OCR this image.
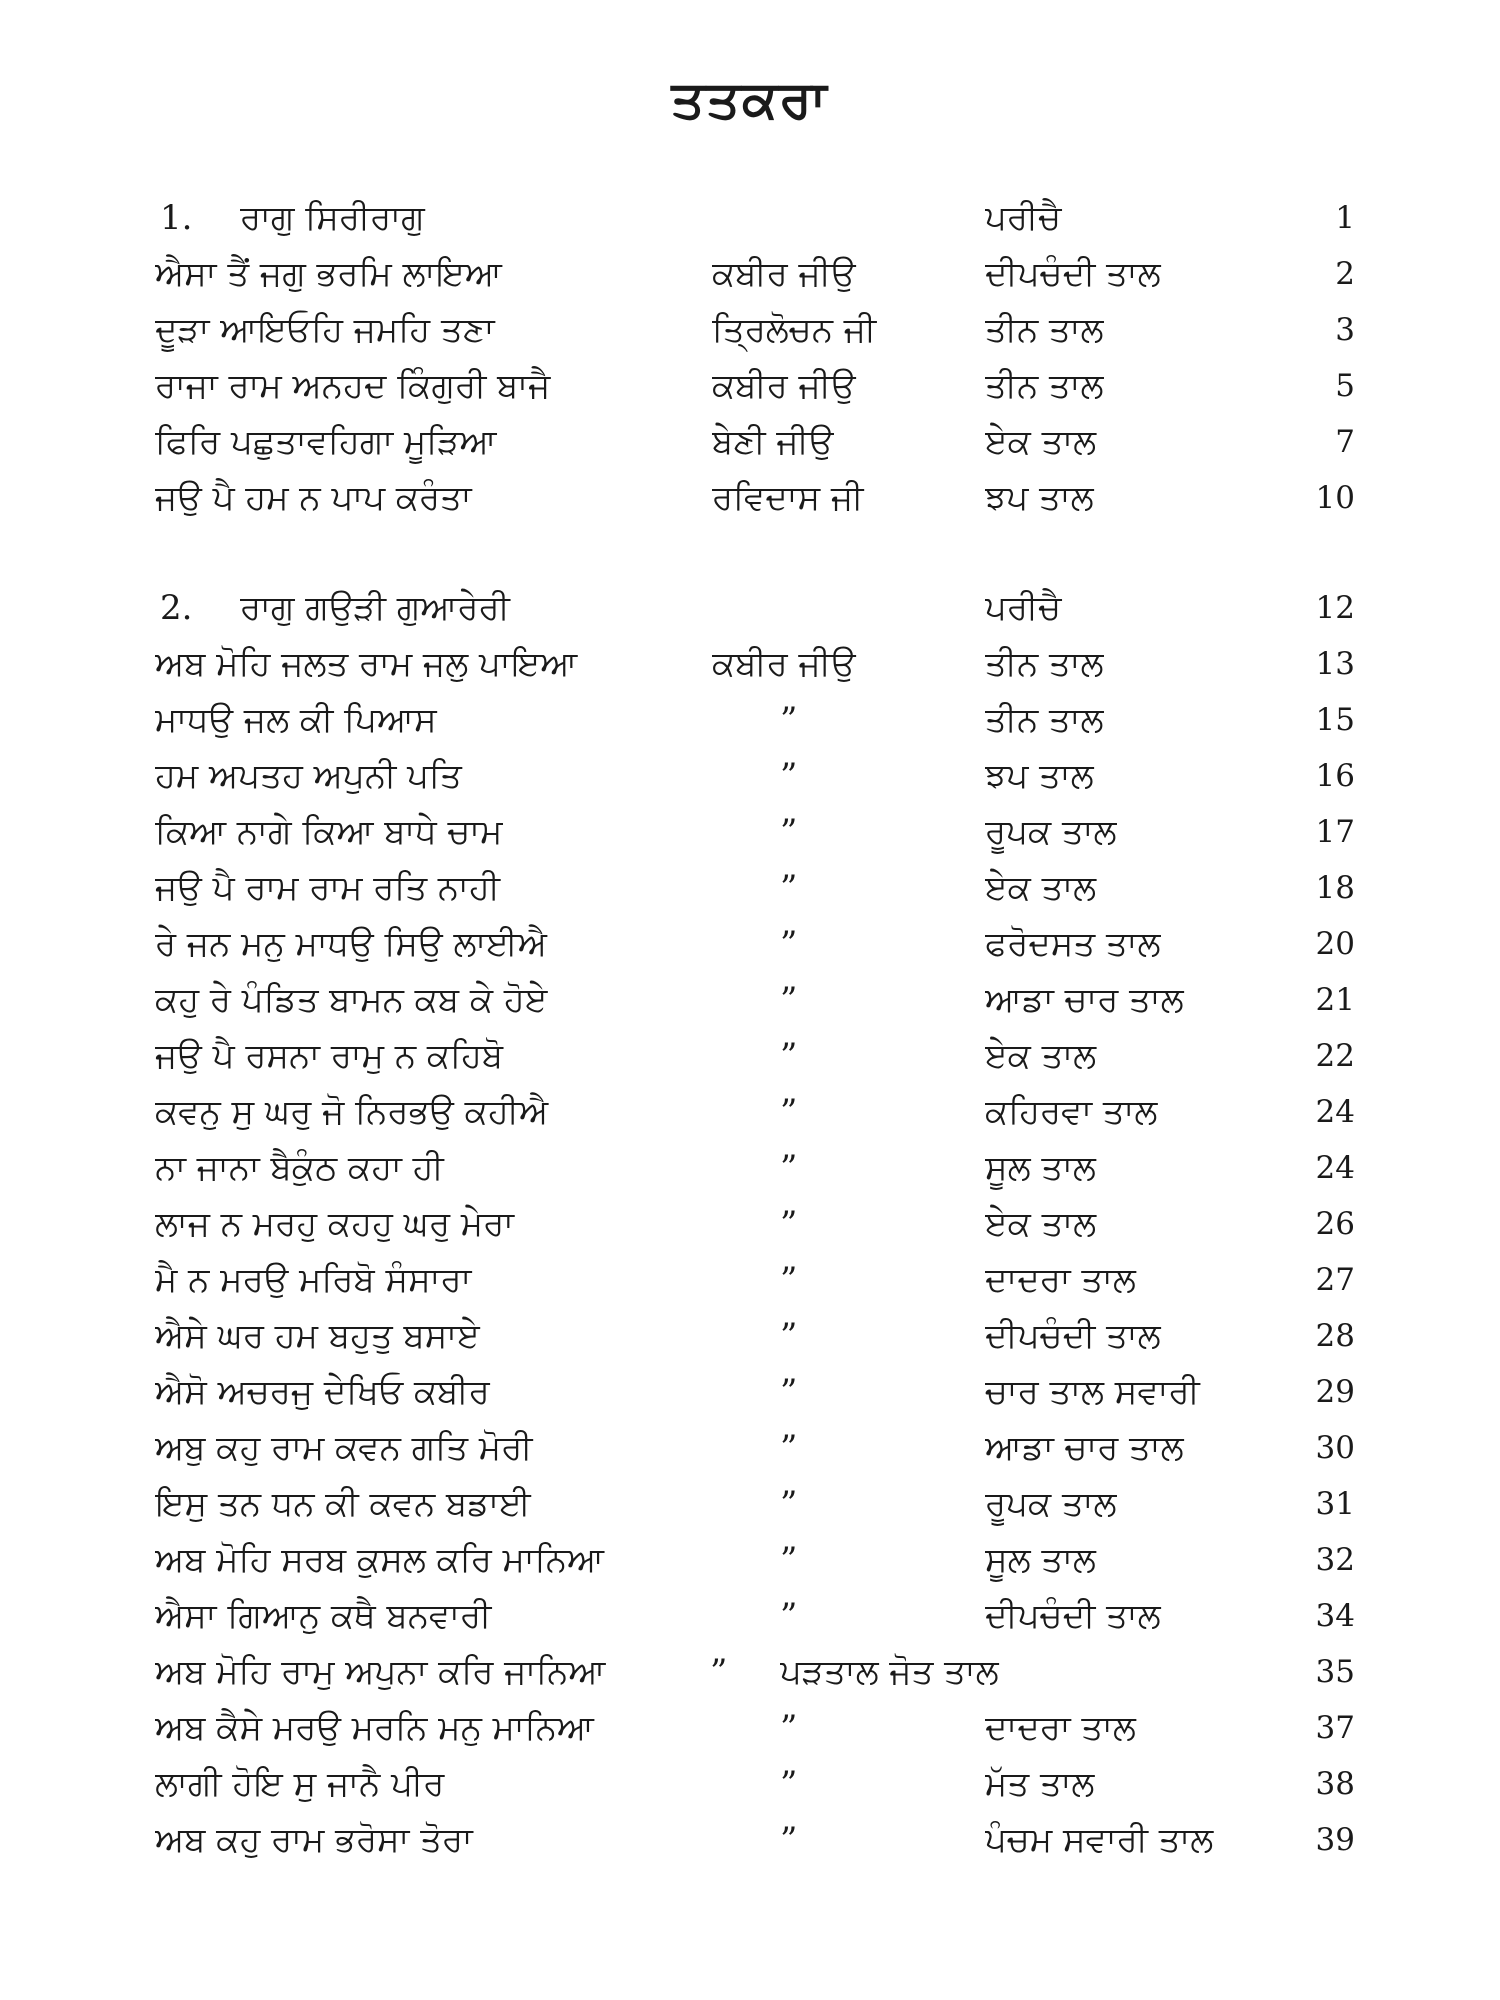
ਤਤਕਰਾ
1.	ਰਾਗੁ ਸਿਰੀਰਾਗੁ	ਪਰੀਚੈ	1
ਐਸਾ ਤੈਂ ਜਗੁ ਭਰਮਿ ਲਾਇਆ	ਕਬੀਰ ਜੀਉ	ਦੀਪਚੰਦੀ ਤਾਲ	2
ਦੂੜਾ ਆਇਓਹਿ ਜਮਹਿ ਤਣਾ	ਤ੍ਰਿਲੋਚਨ ਜੀ	ਤੀਨ ਤਾਲ	3
ਰਾਜਾ ਰਾਮ ਅਨਹਦ ਕਿੰਗੁਰੀ ਬਾਜੈ	ਕਬੀਰ ਜੀਉ	ਤੀਨ ਤਾਲ	5
ਫਿਰਿ ਪਛੁਤਾਵਹਿਗਾ ਮੂੜਿਆ	ਬੇਣੀ ਜੀਉ	ਏਕ ਤਾਲ	7
ਜਉ ਪੈ ਹਮ ਨ ਪਾਪ ਕਰੰਤਾ	ਰਵਿਦਾਸ ਜੀ	ਝਪ ਤਾਲ	10
2.	ਰਾਗੁ ਗਉੜੀ ਗੁਆਰੇਰੀ	ਪਰੀਚੈ	12
ਅਬ ਮੋਹਿ ਜਲਤ ਰਾਮ ਜਲੁ ਪਾਇਆ	ਕਬੀਰ ਜੀਉ	ਤੀਨ ਤਾਲ	13
ਮਾਧਉ ਜਲ ਕੀ ਪਿਆਸ	”	ਤੀਨ ਤਾਲ	15
ਹਮ ਅਪਤਹ ਅਪੁਨੀ ਪਤਿ	”	ਝਪ ਤਾਲ	16
ਕਿਆ ਨਾਗੇ ਕਿਆ ਬਾਧੇ ਚਾਮ	”	ਰੂਪਕ ਤਾਲ	17
ਜਉ ਪੈ ਰਾਮ ਰਾਮ ਰਤਿ ਨਾਹੀ	”	ਏਕ ਤਾਲ	18
ਰੇ ਜਨ ਮਨੁ ਮਾਧਉ ਸਿਉ ਲਾਈਐ	”	ਫਰੋਦਸਤ ਤਾਲ	20
ਕਹੁ ਰੇ ਪੰਡਿਤ ਬਾਮਨ ਕਬ ਕੇ ਹੋਏ	”	ਆਡਾ ਚਾਰ ਤਾਲ	21
ਜਉ ਪੈ ਰਸਨਾ ਰਾਮੁ ਨ ਕਹਿਬੋ	”	ਏਕ ਤਾਲ	22
ਕਵਨੁ ਸੁ ਘਰੁ ਜੋ ਨਿਰਭਉ ਕਹੀਐ	”	ਕਹਿਰਵਾ ਤਾਲ	24
ਨਾ ਜਾਨਾ ਬੈਕੁੰਠ ਕਹਾ ਹੀ	”	ਸੂਲ ਤਾਲ	24
ਲਾਜ ਨ ਮਰਹੁ ਕਹਹੁ ਘਰੁ ਮੇਰਾ	”	ਏਕ ਤਾਲ	26
ਮੈ ਨ ਮਰਉ ਮਰਿਬੋ ਸੰਸਾਰਾ	”	ਦਾਦਰਾ ਤਾਲ	27
ਐਸੇ ਘਰ ਹਮ ਬਹੁਤੁ ਬਸਾਏ	”	ਦੀਪਚੰਦੀ ਤਾਲ	28
ਐਸੋ ਅਚਰਜੁ ਦੇਖਿਓ ਕਬੀਰ	”	ਚਾਰ ਤਾਲ ਸਵਾਰੀ	29
ਅਬੁ ਕਹੁ ਰਾਮ ਕਵਨ ਗਤਿ ਮੋਰੀ	”	ਆਡਾ ਚਾਰ ਤਾਲ	30
ਇਸੁ ਤਨ ਧਨ ਕੀ ਕਵਨ ਬਡਾਈ	”	ਰੂਪਕ ਤਾਲ	31
ਅਬ ਮੋਹਿ ਸਰਬ ਕੁਸਲ ਕਰਿ ਮਾਨਿਆ	”	ਸੂਲ ਤਾਲ	32
ਐਸਾ ਗਿਆਨੁ ਕਥੈ ਬਨਵਾਰੀ	”	ਦੀਪਚੰਦੀ ਤਾਲ	34
ਅਬ ਮੋਹਿ ਰਾਮੁ ਅਪੁਨਾ ਕਰਿ ਜਾਨਿਆ	”	ਪੜਤਾਲ ਜੋਤ ਤਾਲ	35
ਅਬ ਕੈਸੇ ਮਰਉ ਮਰਨਿ ਮਨੁ ਮਾਨਿਆ	”	ਦਾਦਰਾ ਤਾਲ	37
ਲਾਗੀ ਹੋਇ ਸੁ ਜਾਨੈ ਪੀਰ	”	ਮੱਤ ਤਾਲ	38
ਅਬ ਕਹੁ ਰਾਮ ਭਰੋਸਾ ਤੋਰਾ	”	ਪੰਚਮ ਸਵਾਰੀ ਤਾਲ	39
